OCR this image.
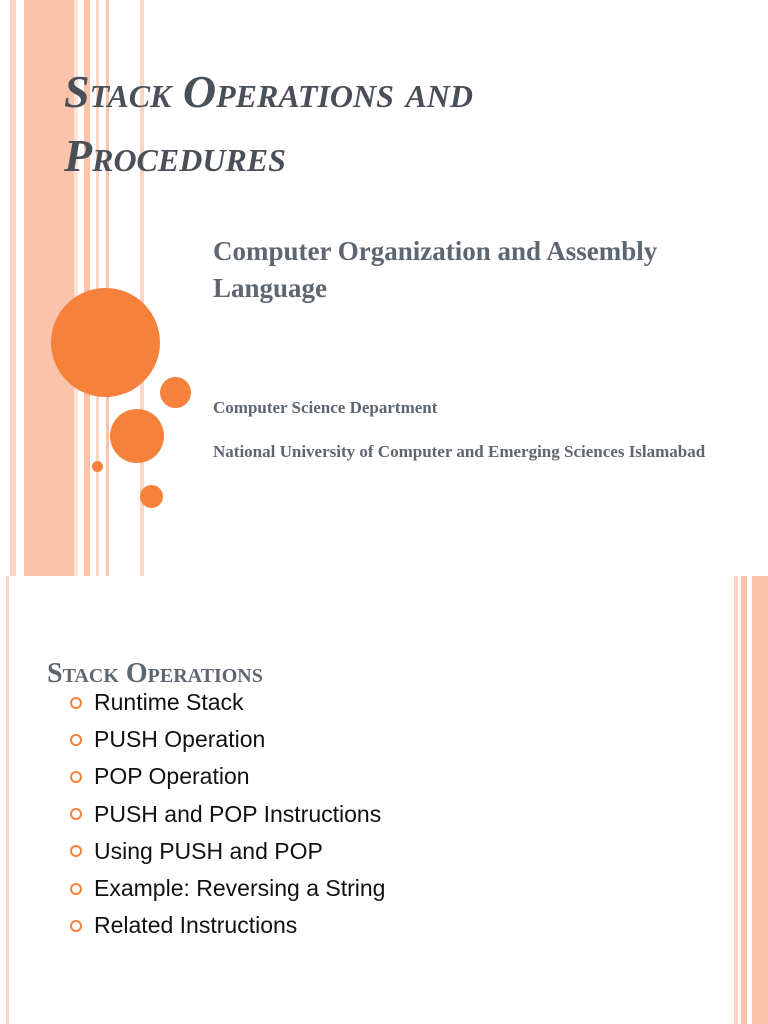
Stack Operations and Procedures

Computer Organization and Assembly Language

Computer Science Department

National University of Computer and Emerging Sciences Islamabad

Stack Operations
Runtime Stack
PUSH Operation
POP Operation
PUSH and POP Instructions
Using PUSH and POP
Example: Reversing a String
Related Instructions
